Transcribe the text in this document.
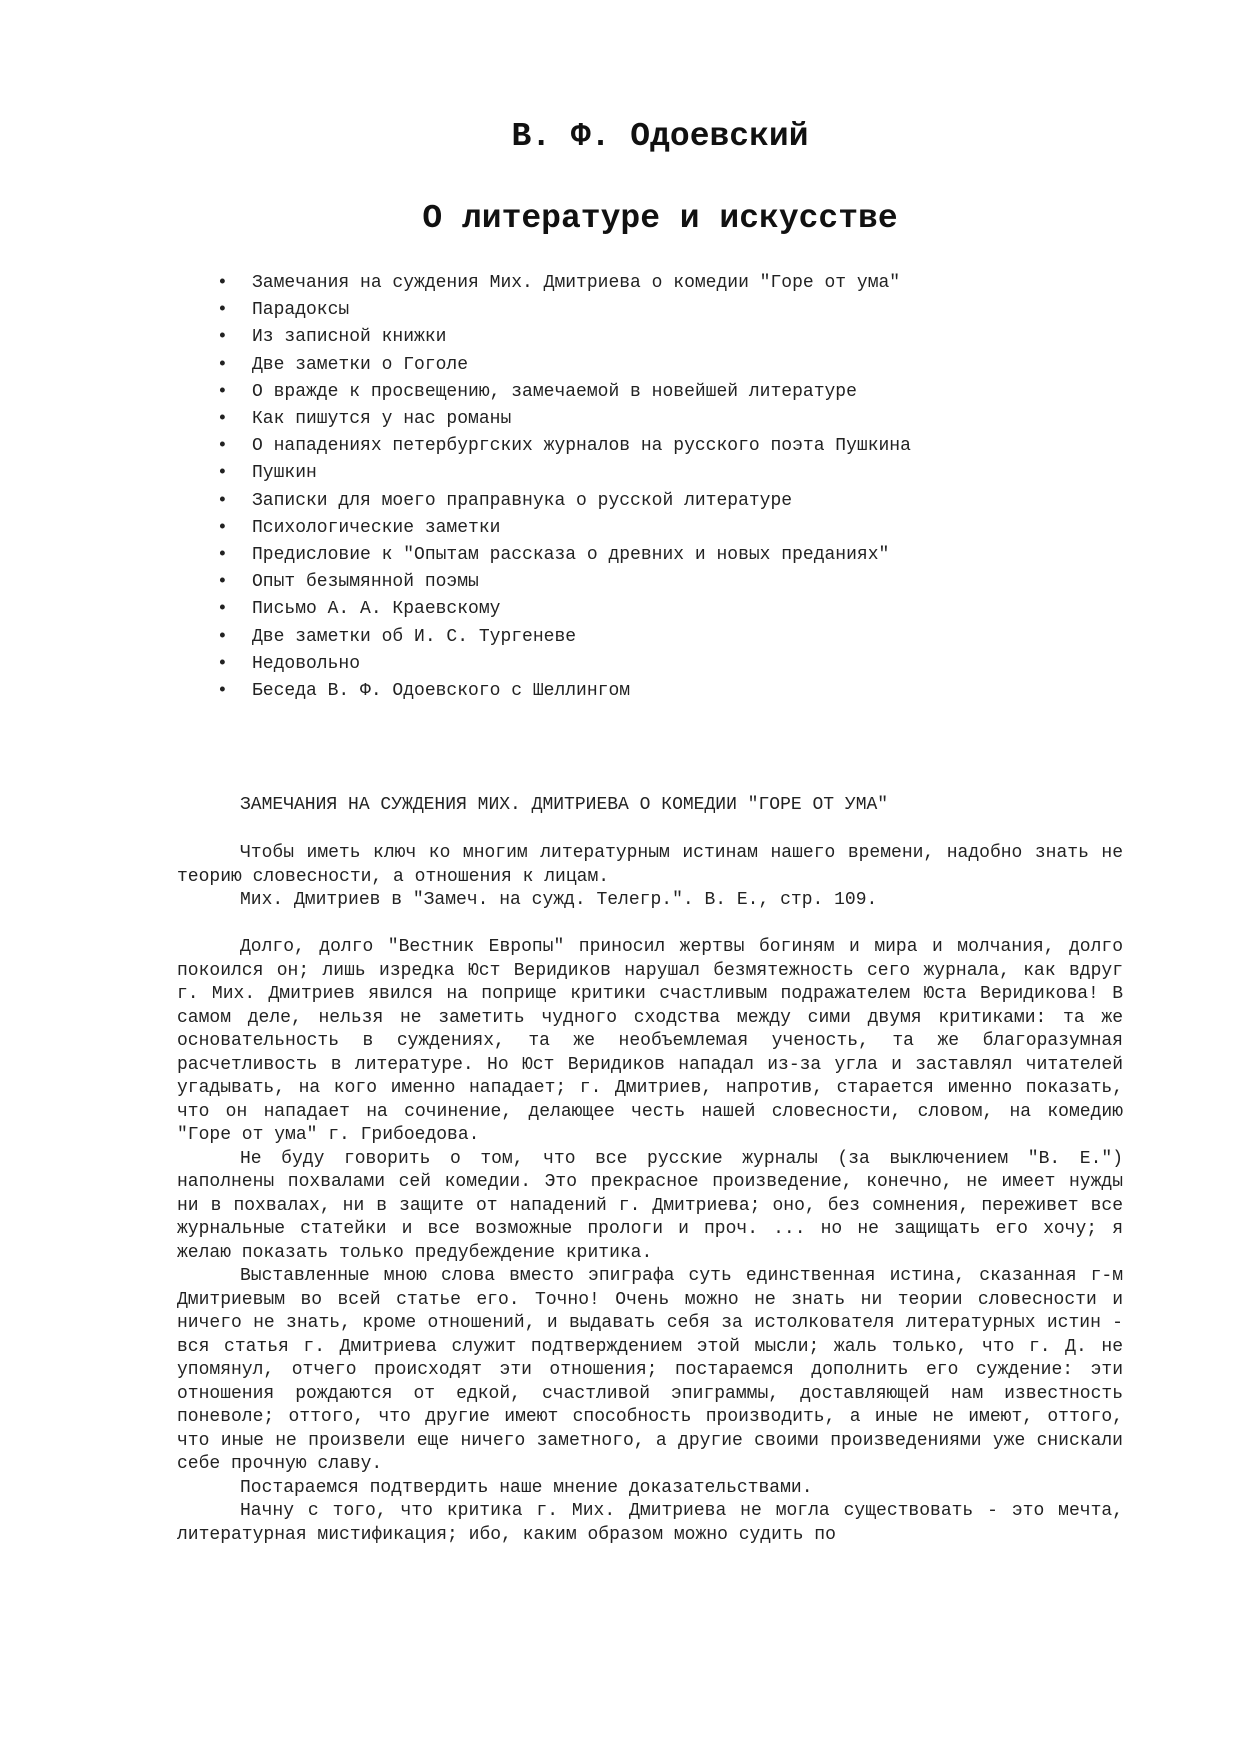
В. Ф. Одоевский
О литературе и искусстве
• Замечания на суждения Мих. Дмитриева о комедии "Горе от ума"
• Парадоксы
• Из записной книжки
• Две заметки о Гоголе
• О вражде к просвещению, замечаемой в новейшей литературе
• Как пишутся у нас романы
• О нападениях петербургских журналов на русского поэта Пушкина
• Пушкин
• Записки для моего праправнука о русской литературе
• Психологические заметки
• Предисловие к "Опытам рассказа о древних и новых преданиях"
• Опыт безымянной поэмы
• Письмо А. А. Краевскому
• Две заметки об И. С. Тургеневе
• Недовольно
• Беседа В. Ф. Одоевского с Шеллингом
ЗАМЕЧАНИЯ НА СУЖДЕНИЯ МИХ. ДМИТРИЕВА О КОМЕДИИ "ГОРЕ ОТ УМА"

Чтобы иметь ключ ко многим литературным истинам нашего времени, надобно знать не теорию словесности, а отношения к лицам.

Мих. Дмитриев в "Замеч. на сужд. Телегр.". В. Е., стр. 109.

Долго, долго "Вестник Европы" приносил жертвы богиням и мира и молчания, долго покоился он; лишь изредка Юст Веридиков нарушал безмятежность сего журнала, как вдруг г. Мих. Дмитриев явился на поприще критики счастливым подражателем Юста Веридикова! В самом деле, нельзя не заметить чудного сходства между сими двумя критиками: та же основательность в суждениях, та же необъемлемая ученость, та же благоразумная расчетливость в литературе. Но Юст Веридиков нападал из-за угла и заставлял читателей угадывать, на кого именно нападает; г. Дмитриев, напротив, старается именно показать, что он нападает на сочинение, делающее честь нашей словесности, словом, на комедию "Горе от ума" г. Грибоедова.

Не буду говорить о том, что все русские журналы (за выключением "В. Е.") наполнены похвалами сей комедии. Это прекрасное произведение, конечно, не имеет нужды ни в похвалах, ни в защите от нападений г. Дмитриева; оно, без сомнения, переживет все журнальные статейки и все возможные прологи и проч. ... но не защищать его хочу; я желаю показать только предубеждение критика.

Выставленные мною слова вместо эпиграфа суть единственная истина, сказанная г-м Дмитриевым во всей статье его. Точно! Очень можно не знать ни теории словесности и ничего не знать, кроме отношений, и выдавать себя за истолкователя литературных истин - вся статья г. Дмитриева служит подтверждением этой мысли; жаль только, что г. Д. не упомянул, отчего происходят эти отношения; постараемся дополнить его суждение: эти отношения рождаются от едкой, счастливой эпиграммы, доставляющей нам известность поневоле; оттого, что другие имеют способность производить, а иные не имеют, оттого, что иные не произвели еще ничего заметного, а другие своими произведениями уже снискали себе прочную славу.

Постараемся подтвердить наше мнение доказательствами.

Начну с того, что критика г. Мих. Дмитриева не могла существовать - это мечта, литературная мистификация; ибо, каким образом можно судить по
